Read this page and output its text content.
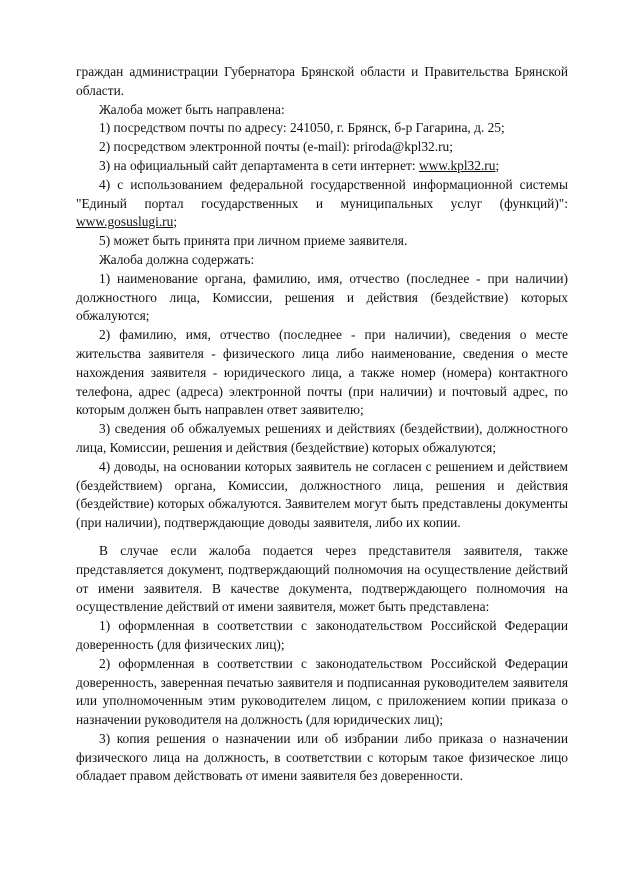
граждан администрации Губернатора Брянской области и Правительства Брянской области.

Жалоба может быть направлена:

1) посредством почты по адресу: 241050, г. Брянск, б-р Гагарина, д. 25;

2) посредством электронной почты (e-mail): priroda@kpl32.ru;

3) на официальный сайт департамента в сети интернет: www.kpl32.ru;

4) с использованием федеральной государственной информационной системы "Единый портал государственных и муниципальных услуг (функций)": www.gosuslugi.ru;

5) может быть принята при личном приеме заявителя.

Жалоба должна содержать:

1) наименование органа, фамилию, имя, отчество (последнее - при наличии) должностного лица, Комиссии, решения и действия (бездействие) которых обжалуются;

2) фамилию, имя, отчество (последнее - при наличии), сведения о месте жительства заявителя - физического лица либо наименование, сведения о месте нахождения заявителя - юридического лица, а также номер (номера) контактного телефона, адрес (адреса) электронной почты (при наличии) и почтовый адрес, по которым должен быть направлен ответ заявителю;

3) сведения об обжалуемых решениях и действиях (бездействии), должностного лица, Комиссии, решения и действия (бездействие) которых обжалуются;

4) доводы, на основании которых заявитель не согласен с решением и действием (бездействием) органа, Комиссии, должностного лица, решения и действия (бездействие) которых обжалуются. Заявителем могут быть представлены документы (при наличии), подтверждающие доводы заявителя, либо их копии.

В случае если жалоба подается через представителя заявителя, также представляется документ, подтверждающий полномочия на осуществление действий от имени заявителя. В качестве документа, подтверждающего полномочия на осуществление действий от имени заявителя, может быть представлена:

1) оформленная в соответствии с законодательством Российской Федерации доверенность (для физических лиц);

2) оформленная в соответствии с законодательством Российской Федерации доверенность, заверенная печатью заявителя и подписанная руководителем заявителя или уполномоченным этим руководителем лицом, с приложением копии приказа о назначении руководителя на должность (для юридических лиц);

3) копия решения о назначении или об избрании либо приказа о назначении физического лица на должность, в соответствии с которым такое физическое лицо обладает правом действовать от имени заявителя без доверенности.
